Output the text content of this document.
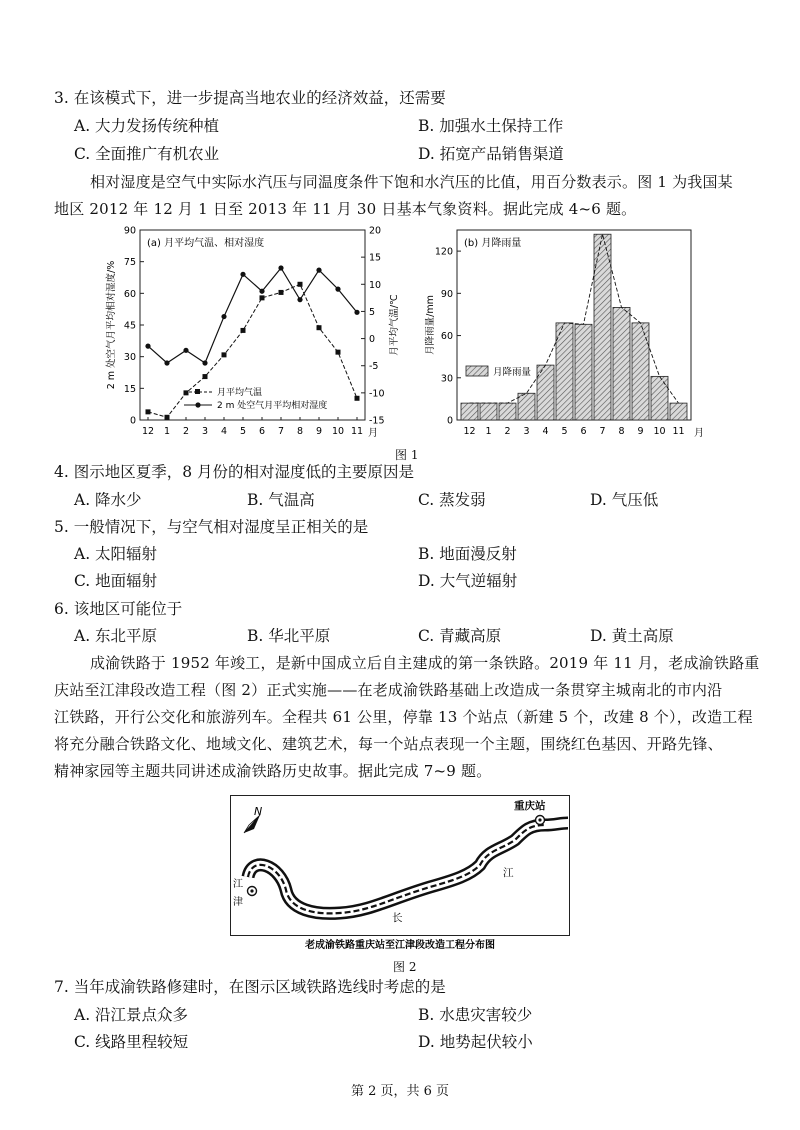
3. 在该模式下，进一步提高当地农业的经济效益，还需要
A. 大力发扬传统种植	B. 加强水土保持工作
C. 全面推广有机农业	D. 拓宽产品销售渠道
相对湿度是空气中实际水汽压与同温度条件下饱和水汽压的比值，用百分数表示。图 1 为我国某
地区 2012 年 12 月 1 日至 2013 年 11 月 30 日基本气象资料。据此完成 4~6 题。
(a) 月平均气温、相对湿度
0
15
30
45
60
75
90
-15
-10
-5
0
5
10
15
20
12 1 2 3 4 5 6 7 8 9 10 11
2 m 处空气月平均相对湿度/%	月平均气温/℃
月
月平均气温
2 m 处空气月平均相对湿度
(b) 月降雨量
月降雨量/mm
0
30
60
90
120
12 1 2 3 4 5 6 7 8 9 10 11 月
月降雨量
图 1
4. 图示地区夏季，8 月份的相对湿度低的主要原因是
A. 降水少	B. 气温高	C. 蒸发弱	D. 气压低
5. 一般情况下，与空气相对湿度呈正相关的是
A. 太阳辐射	B. 地面漫反射
C. 地面辐射	D. 大气逆辐射
6. 该地区可能位于
A. 东北平原	B. 华北平原	C. 青藏高原	D. 黄土高原
成渝铁路于 1952 年竣工，是新中国成立后自主建成的第一条铁路。2019 年 11 月，老成渝铁路重
庆站至江津段改造工程（图 2）正式实施——在老成渝铁路基础上改造成一条贯穿主城南北的市内沿
江铁路，开行公交化和旅游列车。全程共 61 公里，停靠 13 个站点（新建 5 个，改建 8 个），改造工程
将充分融合铁路文化、地域文化、建筑艺术，每一个站点表现一个主题，围绕红色基因、开路先锋、
精神家园等主题共同讲述成渝铁路历史故事。据此完成 7~9 题。
N	重庆站
江
津
长
江
老成渝铁路重庆站至江津段改造工程分布图
图 2
7. 当年成渝铁路修建时，在图示区域铁路选线时考虑的是
A. 沿江景点众多	B. 水患灾害较少
C. 线路里程较短	D. 地势起伏较小
第 2 页，共 6 页
